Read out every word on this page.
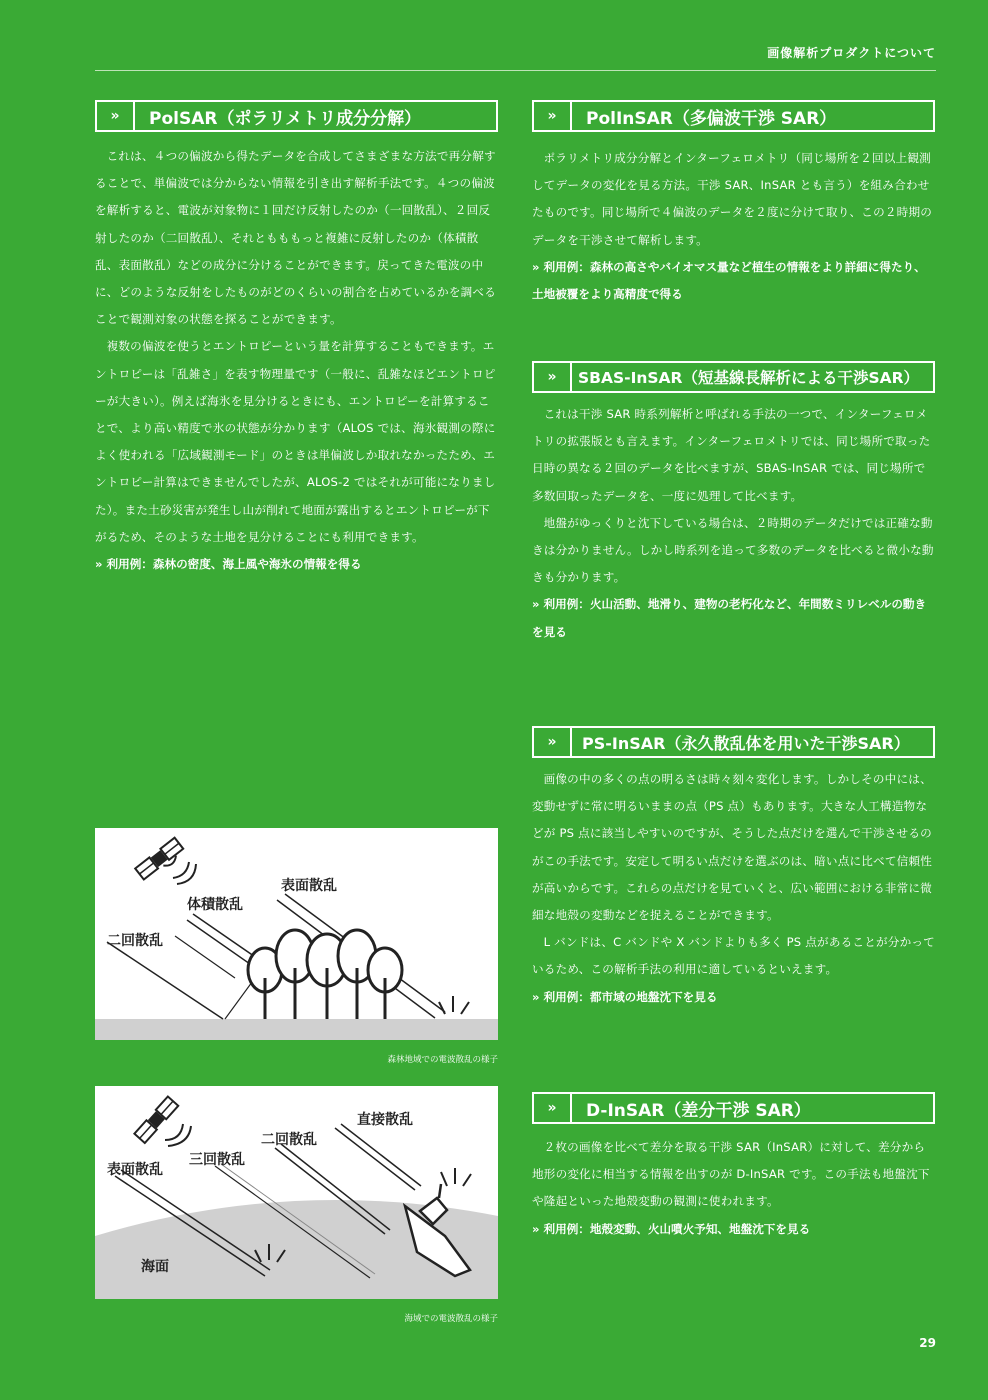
画像解析プロダクトについて
»	PolSAR（ポラリメトリ成分分解）

これは、４つの偏波から得たデータを合成してさまざまな方法で再分解することで、単偏波では分からない情報を引き出す解析手法です。４つの偏波を解析すると、電波が対象物に１回だけ反射したのか（一回散乱）、２回反射したのか（二回散乱）、それともももっと複雑に反射したのか（体積散乱、表面散乱）などの成分に分けることができます。戻ってきた電波の中に、どのような反射をしたものがどのくらいの割合を占めているかを調べることで観測対象の状態を探ることができます。

複数の偏波を使うとエントロピーという量を計算することもできます。エントロピーは「乱雑さ」を表す物理量です（一般に、乱雑なほどエントロピーが大きい）。例えば海氷を見分けるときにも、エントロピーを計算することで、より高い精度で氷の状態が分かります（ALOS では、海氷観測の際によく使われる「広域観測モード」のときは単偏波しか取れなかったため、エントロピー計算はできませんでしたが、ALOS-2 ではそれが可能になりました）。また土砂災害が発生し山が削れて地面が露出するとエントロピーが下がるため、そのような土地を見分けることにも利用できます。

» 利用例：森林の密度、海上風や海氷の情報を得る

»	PolInSAR（多偏波干渉 SAR）

ポラリメトリ成分分解とインターフェロメトリ（同じ場所を２回以上観測してデータの変化を見る方法。干渉 SAR、InSAR とも言う）を組み合わせたものです。同じ場所で４偏波のデータを２度に分けて取り、この２時期のデータを干渉させて解析します。

» 利用例：森林の高さやバイオマス量など植生の情報をより詳細に得たり、土地被覆をより高精度で得る

»	SBAS-InSAR（短基線長解析による干渉SAR）

これは干渉 SAR 時系列解析と呼ばれる手法の一つで、インターフェロメトリの拡張版とも言えます。インターフェロメトリでは、同じ場所で取った日時の異なる２回のデータを比べますが、SBAS-InSAR では、同じ場所で多数回取ったデータを、一度に処理して比べます。

地盤がゆっくりと沈下している場合は、２時期のデータだけでは正確な動きは分かりません。しかし時系列を追って多数のデータを比べると微小な動きも分かります。

» 利用例：火山活動、地滑り、建物の老朽化など、年間数ミリレベルの動きを見る

»	PS-InSAR（永久散乱体を用いた干渉SAR）

画像の中の多くの点の明るさは時々刻々変化します。しかしその中には、変動せずに常に明るいままの点（PS 点）もあります。大きな人工構造物などが PS 点に該当しやすいのですが、そうした点だけを選んで干渉させるのがこの手法です。安定して明るい点だけを選ぶのは、暗い点に比べて信頼性が高いからです。これらの点だけを見ていくと、広い範囲における非常に微細な地殻の変動などを捉えることができます。

L バンドは、C バンドや X バンドよりも多く PS 点があることが分かっているため、この解析手法の利用に適しているといえます。

» 利用例：都市域の地盤沈下を見る

»	D-InSAR（差分干渉 SAR）

２枚の画像を比べて差分を取る干渉 SAR（InSAR）に対して、差分から地形の変化に相当する情報を出すのが D-InSAR です。この手法も地盤沈下や隆起といった地殻変動の観測に使われます。

» 利用例：地殻変動、火山噴火予知、地盤沈下を見る

表面散乱
体積散乱
二回散乱
森林地域での電波散乱の様子
直接散乱
二回散乱
三回散乱
表面散乱
海面
海域での電波散乱の様子
29
